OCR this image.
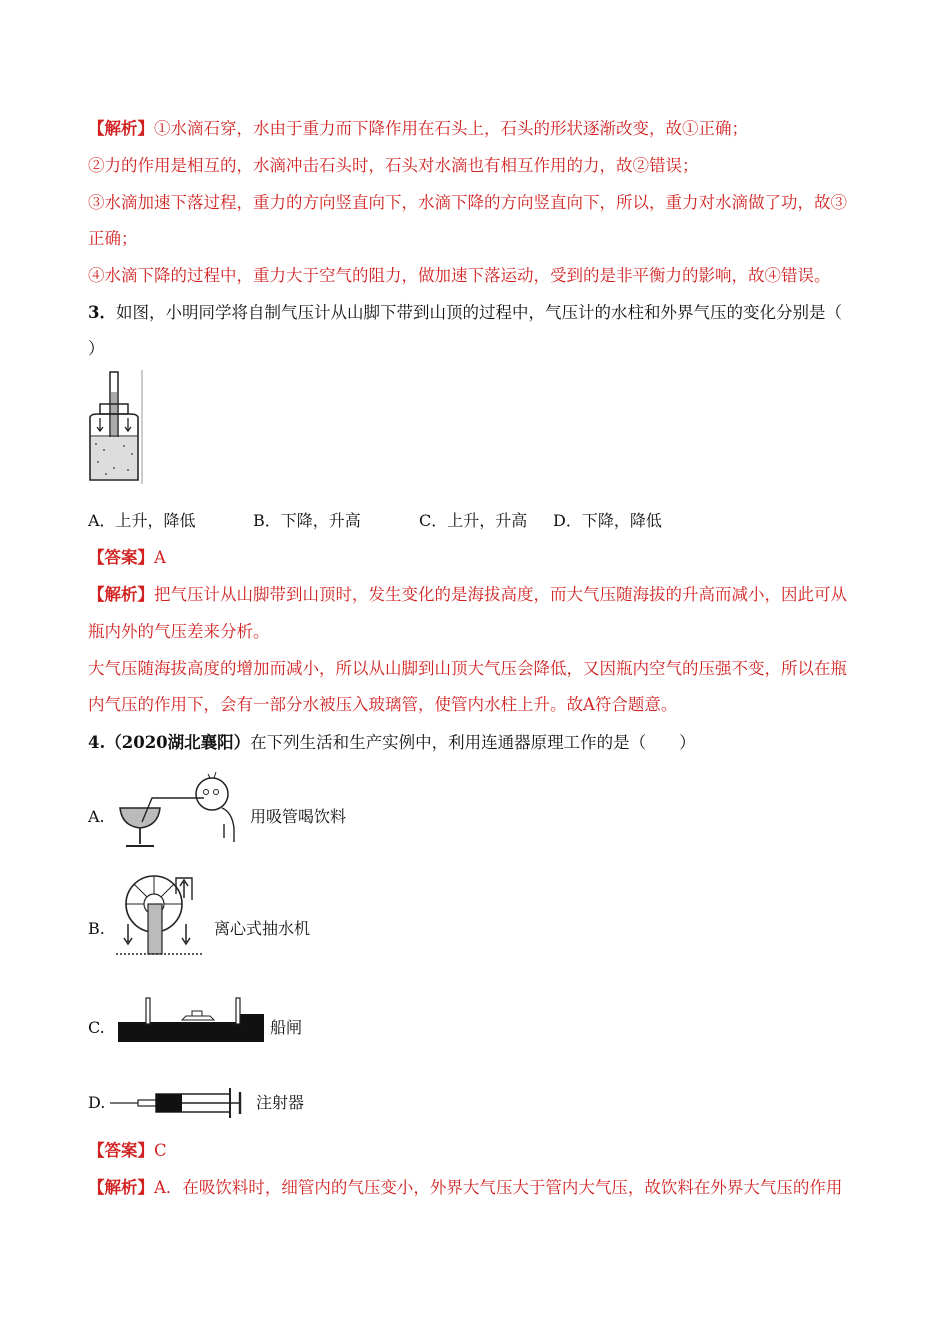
【解析】①水滴石穿，水由于重力而下降作用在石头上，石头的形状逐渐改变，故①正确；
②力的作用是相互的，水滴冲击石头时，石头对水滴也有相互作用的力，故②错误；
③水滴加速下落过程，重力的方向竖直向下，水滴下降的方向竖直向下，所以，重力对水滴做了功，故③
正确；
④水滴下降的过程中，重力大于空气的阻力，做加速下落运动，受到的是非平衡力的影响，故④错误。
3．如图，小明同学将自制气压计从山脚下带到山顶的过程中，气压计的水柱和外界气压的变化分别是（
）
A．上升，降低	B．下降，升高	C．上升，升高 D．下降，降低
【答案】A
【解析】把气压计从山脚带到山顶时，发生变化的是海拔高度，而大气压随海拔的升高而减小，因此可从
瓶内外的气压差来分析。
大气压随海拔高度的增加而减小，所以从山脚到山顶大气压会降低，又因瓶内空气的压强不变，所以在瓶
内气压的作用下，会有一部分水被压入玻璃管，使管内水柱上升。故A符合题意。
4.（2020湖北襄阳）在下列生活和生产实例中，利用连通器原理工作的是（　　）
A.	用吸管喝饮料
B.	离心式抽水机
C.	船闸
D.	注射器
【答案】C
【解析】A．在吸饮料时，细管内的气压变小，外界大气压大于管内大气压，故饮料在外界大气压的作用
